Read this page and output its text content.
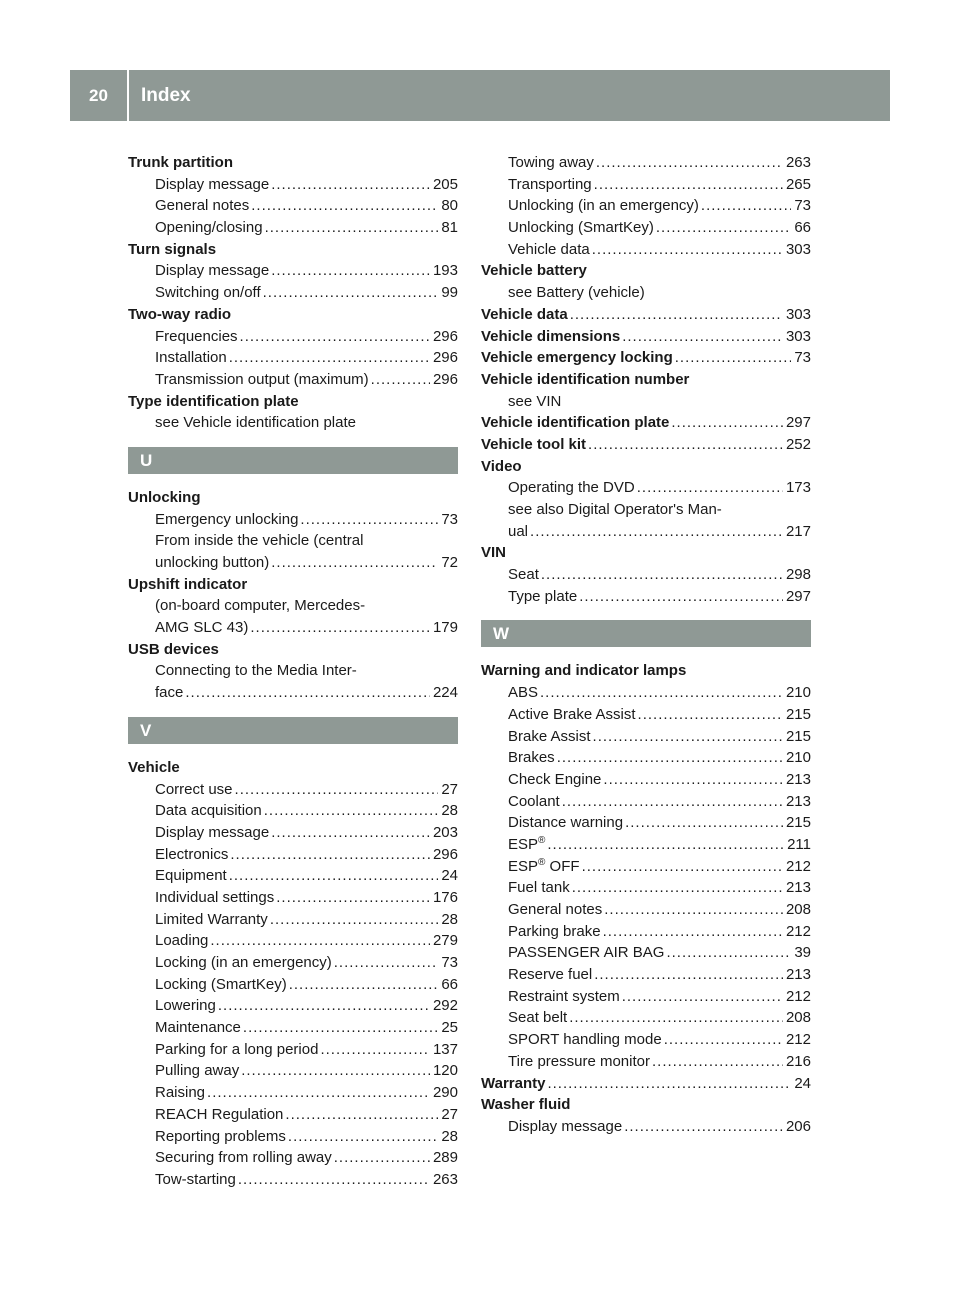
20	Index
Trunk partition
Display message .....	205
General notes .....	80
Opening/closing .....	81
Turn signals
Display message .....	193
Switching on/off .....	99
Two-way radio
Frequencies .....	296
Installation .....	296
Transmission output (maximum) .....	296
Type identification plate
see Vehicle identification plate
U
Unlocking
Emergency unlocking .....	73
From inside the vehicle (central
unlocking button) .....	72
Upshift indicator
(on-board computer, Mercedes-
AMG SLC 43) .....	179
USB devices
Connecting to the Media Inter-
face .....	224
V
Vehicle
Correct use .....	27
Data acquisition .....	28
Display message .....	203
Electronics .....	296
Equipment .....	24
Individual settings .....	176
Limited Warranty .....	28
Loading .....	279
Locking (in an emergency) .....	73
Locking (SmartKey) .....	66
Lowering .....	292
Maintenance .....	25
Parking for a long period .....	137
Pulling away .....	120
Raising .....	290
REACH Regulation .....	27
Reporting problems .....	28
Securing from rolling away .....	289
Tow-starting .....	263
Towing away .....	263
Transporting .....	265
Unlocking (in an emergency) .....	73
Unlocking (SmartKey) .....	66
Vehicle data .....	303
Vehicle battery
see Battery (vehicle)
Vehicle data .....	303
Vehicle dimensions .....	303
Vehicle emergency locking .....	73
Vehicle identification number
see VIN
Vehicle identification plate .....	297
Vehicle tool kit .....	252
Video
Operating the DVD .....	173
see also Digital Operator's Man-
ual .....	217
VIN
Seat .....	298
Type plate .....	297
W
Warning and indicator lamps
ABS .....	210
Active Brake Assist .....	215
Brake Assist .....	215
Brakes .....	210
Check Engine .....	213
Coolant .....	213
Distance warning .....	215
ESP® .....	211
ESP® OFF .....	212
Fuel tank .....	213
General notes .....	208
Parking brake .....	212
PASSENGER AIR BAG .....	39
Reserve fuel .....	213
Restraint system .....	212
Seat belt .....	208
SPORT handling mode .....	212
Tire pressure monitor .....	216
Warranty .....	24
Washer fluid
Display message .....	206
